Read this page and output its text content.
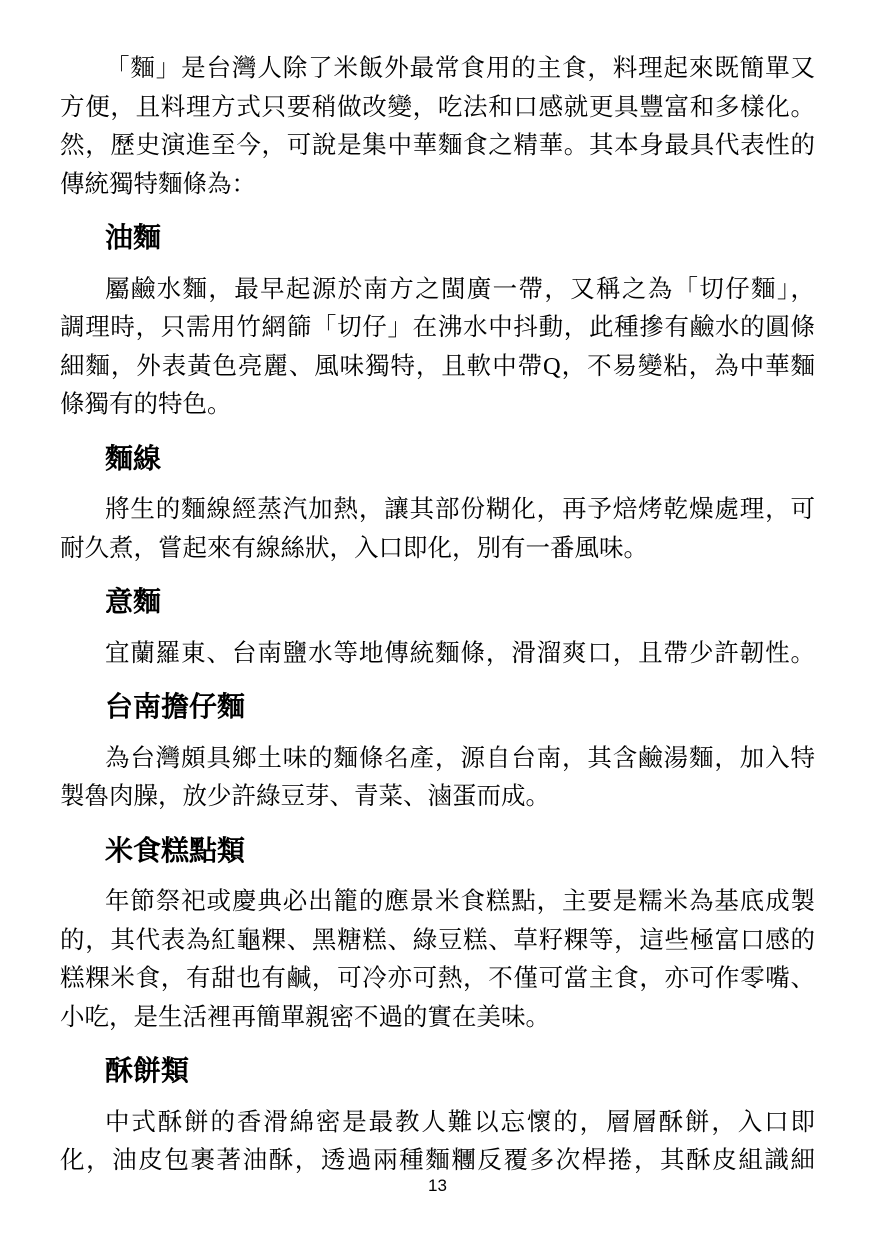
「麵」是台灣人除了米飯外最常食用的主食，料理起來既簡單又
方便，且料理方式只要稍做改變，吃法和口感就更具豐富和多樣化。
然，歷史演進至今，可說是集中華麵食之精華。其本身最具代表性的
傳統獨特麵條為：
油麵
屬鹼水麵，最早起源於南方之閩廣一帶，又稱之為「切仔麵」，
調理時，只需用竹網篩「切仔」在沸水中抖動，此種摻有鹼水的圓條
細麵，外表黃色亮麗、風味獨特，且軟中帶Q，不易變粘，為中華麵
條獨有的特色。
麵線
將生的麵線經蒸汽加熱，讓其部份糊化，再予焙烤乾燥處理，可
耐久煮，嘗起來有線絲狀，入口即化，別有一番風味。
意麵
宜蘭羅東、台南鹽水等地傳統麵條，滑溜爽口，且帶少許韌性。
台南擔仔麵
為台灣頗具鄉土味的麵條名產，源自台南，其含鹼湯麵，加入特
製魯肉臊，放少許綠豆芽、青菜、滷蛋而成。
米食糕點類
年節祭祀或慶典必出籠的應景米食糕點，主要是糯米為基底成製
的，其代表為紅龜粿、黑糖糕、綠豆糕、草籽粿等，這些極富口感的
糕粿米食，有甜也有鹹，可冷亦可熱，不僅可當主食，亦可作零嘴、
小吃，是生活裡再簡單親密不過的實在美味。
酥餅類
中式酥餅的香滑綿密是最教人難以忘懷的，層層酥餅，入口即
化，油皮包裹著油酥，透過兩種麵糰反覆多次桿捲，其酥皮組識細
13
